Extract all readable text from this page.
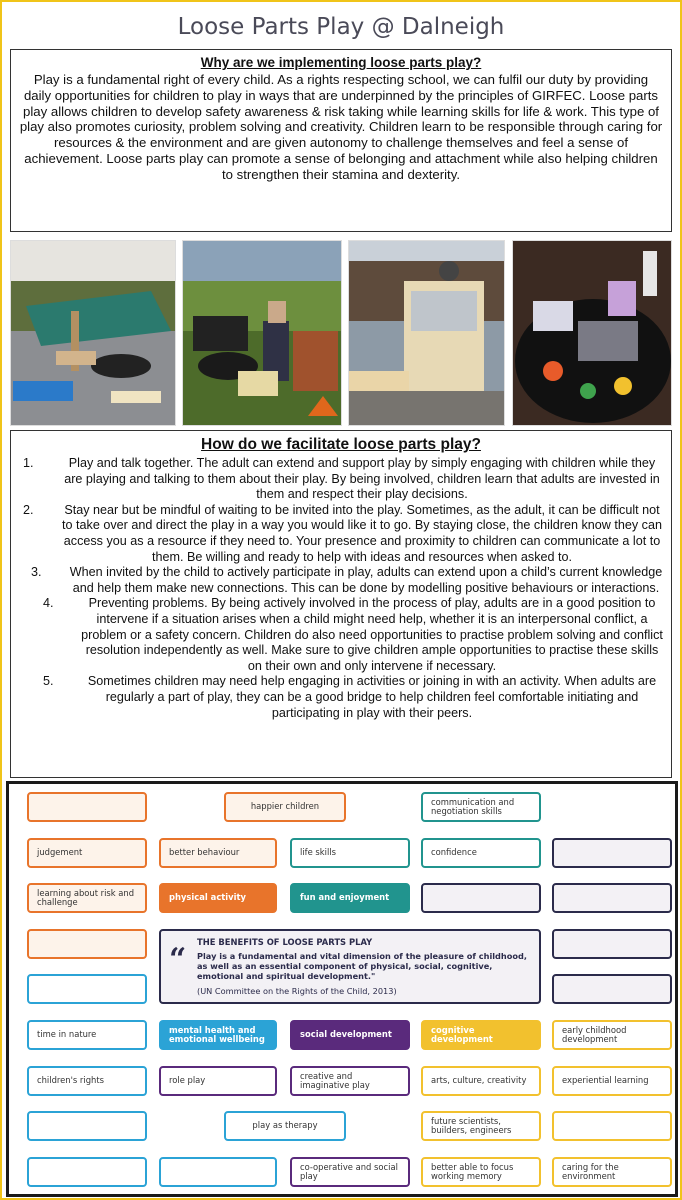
Loose Parts Play @ Dalneigh
Why are we implementing loose parts play?

Play is a fundamental right of every child. As a rights respecting school, we can fulfil our duty by providing daily opportunities for children to play in ways that are underpinned by the principles of GIRFEC. Loose parts play allows children to develop safety awareness & risk taking while learning skills for life & work. This type of play also promotes curiosity, problem solving and creativity. Children learn to be responsible through caring for resources & the environment and are given autonomy to challenge themselves and feel a sense of achievement. Loose parts play can promote a sense of belonging and attachment while also helping children to strengthen their stamina and dexterity.

How do we facilitate loose parts play?
1.	Play and talk together. The adult can extend and support play by simply engaging with children while they are playing and talking to them about their play. By being involved, children learn that adults are invested in them and respect their play decisions.
2.	Stay near but be mindful of waiting to be invited into the play. Sometimes, as the adult, it can be difficult not to take over and direct the play in a way you would like it to go. By staying close, the children know they can access you as a resource if they need to. Your presence and proximity to children can communicate a lot to them. Be willing and ready to help with ideas and resources when asked to.
3.	When invited by the child to actively participate in play, adults can extend upon a child’s current knowledge and help them make new connections. This can be done by modelling positive behaviours or interactions.
4.	Preventing problems. By being actively involved in the process of play, adults are in a good position to intervene if a situation arises when a child might need help, whether it is an interpersonal conflict, a problem or a safety concern. Children do also need opportunities to practise problem solving and conflict resolution independently as well. Make sure to give children ample opportunities to practise these skills on their own and only intervene if necessary.
5.	Sometimes children may need help engaging in activities or joining in with an activity. When adults are regularly a part of play, they can be a good bridge to help children feel comfortable initiating and participating in play with their peers.
happier children	communication and negotiation skills
judgement	better behaviour	life skills	confidence
learning about risk and challenge	physical activity	fun and enjoyment
“ THE BENEFITS OF LOOSE PARTS PLAY
Play is a fundamental and vital dimension of the pleasure of childhood, as well as an essential component of physical, social, cognitive, emotional and spiritual development."
(UN Committee on the Rights of the Child, 2013)
time in nature	mental health and emotional wellbeing	social development	cognitive development
early childhood development
children's rights	role play	creative and imaginative play	arts, culture, creativity	experiential learning
play as therapy	future scientists, builders, engineers
co-operative and social play
better able to focus working memory
caring for the environment
